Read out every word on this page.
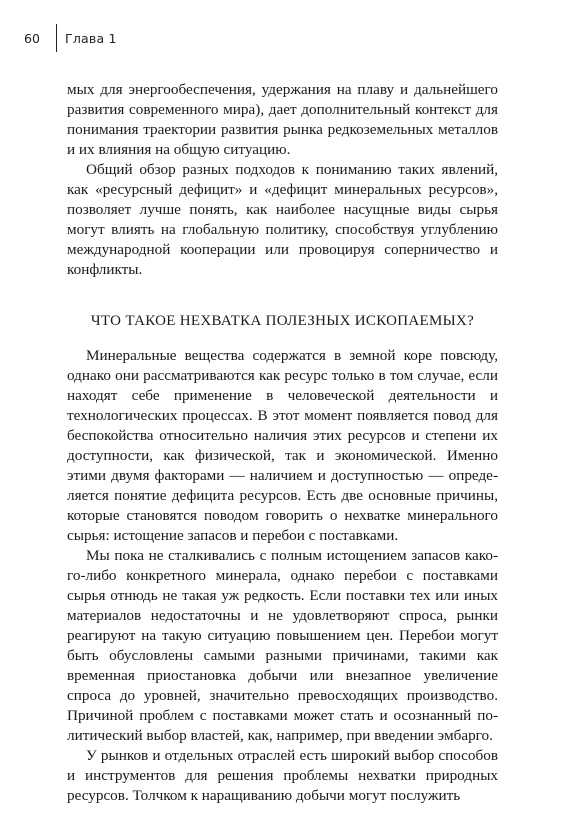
60	Глава 1

мых для энергообеспечения, удержания на плаву и дальнейшего развития современного мира), дает дополнительный контекст для понимания траектории развития рынка редкоземельных металлов и их влияния на общую ситуацию.

Общий обзор разных подходов к пониманию таких явлений, как «ресурсный дефицит» и «дефицит минеральных ресурсов», позволяет лучше понять, как наиболее насущные виды сырья могут влиять на глобальную политику, способствуя углублению международной кооперации или провоцируя соперничество и конфликты.

ЧТО ТАКОЕ НЕХВАТКА ПОЛЕЗНЫХ ИСКОПАЕМЫХ?

Минеральные вещества содержатся в земной коре повсюду, однако они рассматриваются как ресурс только в том случае, если находят себе применение в человеческой деятельности и технологических процессах. В этот момент появляется повод для беспокойства относительно наличия этих ресурсов и степени их доступности, как физической, так и экономической. Именно этими двумя факторами — наличием и доступностью — определяется понятие дефицита ресурсов. Есть две основные причины, которые становятся поводом говорить о нехватке минерального сырья: истощение запасов и перебои с поставками.

Мы пока не сталкивались с полным истощением запасов какого-либо конкретного минерала, однако перебои с поставками сырья отнюдь не такая уж редкость. Если поставки тех или иных материалов недостаточны и не удовлетворяют спроса, рынки реагируют на такую ситуацию повышением цен. Перебои могут быть обусловлены самыми разными причинами, такими как временная приостановка добычи или внезапное увеличение спроса до уровней, значительно превосходящих производство. Причиной проблем с поставками может стать и осознанный политический выбор властей, как, например, при введении эмбарго.

У рынков и отдельных отраслей есть широкий выбор способов и инструментов для решения проблемы нехватки природных ресурсов. Толчком к наращиванию добычи могут послужить
